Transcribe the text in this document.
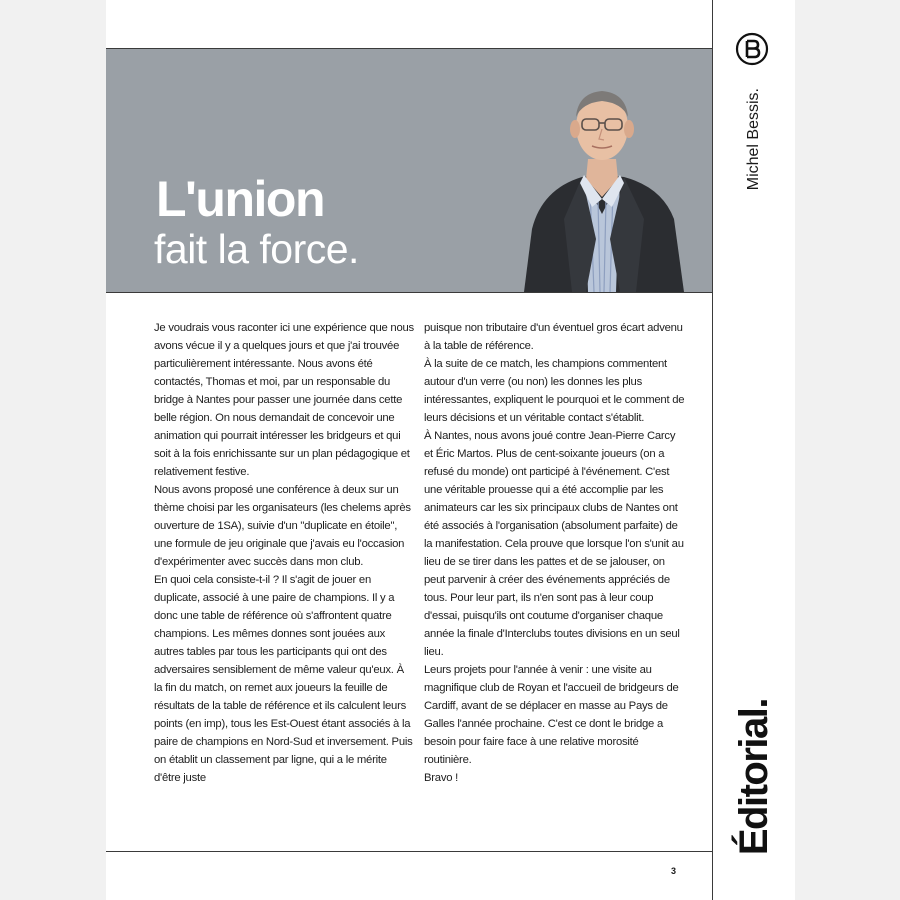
L'union
fait la force.

Je voudrais vous raconter ici une expérience que nous avons vécue il y a quelques jours et que j'ai trouvée particulièrement intéressante. Nous avons été contactés, Thomas et moi, par un responsable du bridge à Nantes pour passer une journée dans cette belle région. On nous demandait de concevoir une animation qui pourrait intéresser les bridgeurs et qui soit à la fois enrichissante sur un plan pédagogique et relativement festive.

Nous avons proposé une conférence à deux sur un thème choisi par les organisateurs (les chelems après ouverture de 1SA), suivie d'un "duplicate en étoile", une formule de jeu originale que j'avais eu l'occasion d'expérimenter avec succès dans mon club.

En quoi cela consiste-t-il ? Il s'agit de jouer en duplicate, associé à une paire de champions. Il y a donc une table de référence où s'affrontent quatre champions. Les mêmes donnes sont jouées aux autres tables par tous les participants qui ont des adversaires sensiblement de même valeur qu'eux. À la fin du match, on remet aux joueurs la feuille de résultats de la table de référence et ils calculent leurs points (en imp), tous les Est-Ouest étant associés à la paire de champions en Nord-Sud et inversement. Puis on établit un classement par ligne, qui a le mérite d'être juste

puisque non tributaire d'un éventuel gros écart advenu à la table de référence.

À la suite de ce match, les champions commentent autour d'un verre (ou non) les donnes les plus intéressantes, expliquent le pourquoi et le comment de leurs décisions et un véritable contact s'établit.

À Nantes, nous avons joué contre Jean-Pierre Carcy et Éric Martos. Plus de cent-soixante joueurs (on a refusé du monde) ont participé à l'événement. C'est une véritable prouesse qui a été accomplie par les animateurs car les six principaux clubs de Nantes ont été associés à l'organisation (absolument parfaite) de la manifestation. Cela prouve que lorsque l'on s'unit au lieu de se tirer dans les pattes et de se jalouser, on peut parvenir à créer des événements appréciés de tous. Pour leur part, ils n'en sont pas à leur coup d'essai, puisqu'ils ont coutume d'organiser chaque année la finale d'Interclubs toutes divisions en un seul lieu.

Leurs projets pour l'année à venir : une visite au magnifique club de Royan et l'accueil de bridgeurs de Cardiff, avant de se déplacer en masse au Pays de Galles l'année prochaine. C'est ce dont le bridge a besoin pour faire face à une relative morosité routinière.

Bravo !

3
Michel Bessis.
Éditorial.
